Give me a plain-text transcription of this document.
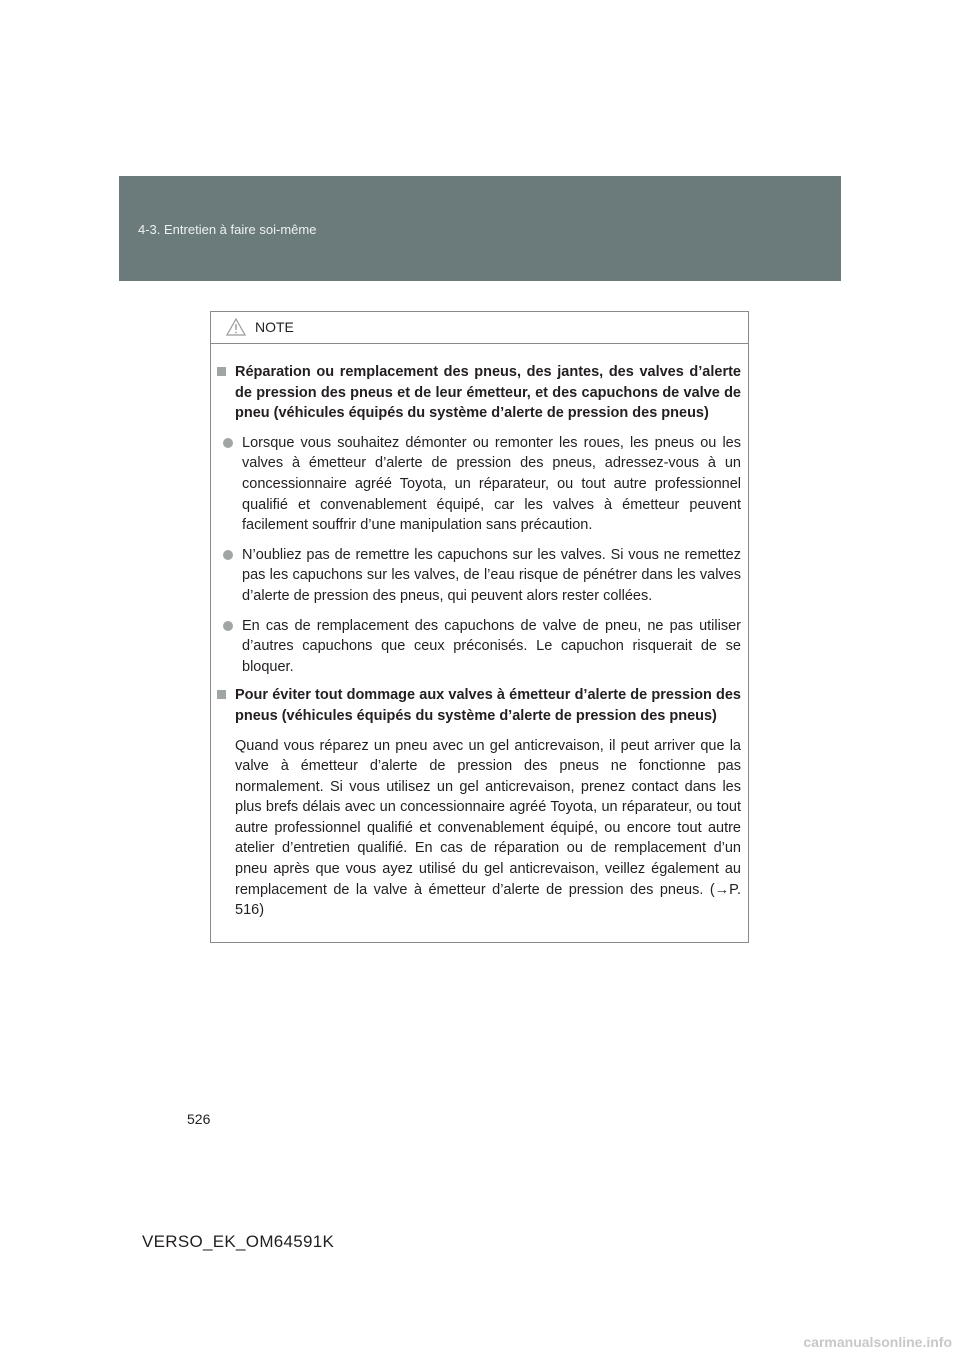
4-3. Entretien à faire soi-même
NOTE
Réparation ou remplacement des pneus, des jantes, des valves d’alerte de pression des pneus et de leur émetteur, et des capuchons de valve de pneu (véhicules équipés du système d’alerte de pression des pneus)
Lorsque vous souhaitez démonter ou remonter les roues, les pneus ou les valves à émetteur d’alerte de pression des pneus, adressez-vous à un concessionnaire agréé Toyota, un réparateur, ou tout autre professionnel qualifié et convenablement équipé, car les valves à émetteur peuvent facilement souffrir d’une manipulation sans précaution.
N’oubliez pas de remettre les capuchons sur les valves. Si vous ne remettez pas les capuchons sur les valves, de l’eau risque de pénétrer dans les valves d’alerte de pression des pneus, qui peuvent alors rester collées.
En cas de remplacement des capuchons de valve de pneu, ne pas utiliser d’autres capuchons que ceux préconisés. Le capuchon risquerait de se bloquer.
Pour éviter tout dommage aux valves à émetteur d’alerte de pression des pneus (véhicules équipés du système d’alerte de pression des pneus)
Quand vous réparez un pneu avec un gel anticrevaison, il peut arriver que la valve à émetteur d’alerte de pression des pneus ne fonctionne pas normalement. Si vous utilisez un gel anticrevaison, prenez contact dans les plus brefs délais avec un concessionnaire agréé Toyota, un réparateur, ou tout autre professionnel qualifié et convenablement équipé, ou encore tout autre atelier d’entretien qualifié. En cas de réparation ou de remplacement d’un pneu après que vous ayez utilisé du gel anticrevaison, veillez également au remplacement de la valve à émetteur d’alerte de pression des pneus. (→P. 516)
526
VERSO_EK_OM64591K
carmanualsonline.info
